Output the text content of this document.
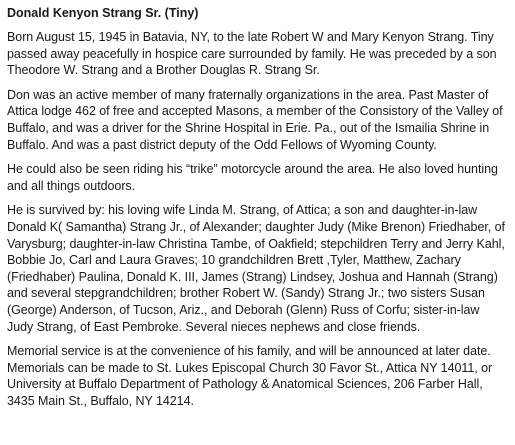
Donald Kenyon Strang Sr. (Tiny)

Born August 15, 1945 in Batavia, NY, to the late Robert W and Mary Kenyon Strang. Tiny passed away peacefully in hospice care surrounded by family. He was preceded by a son Theodore W. Strang and a Brother Douglas R. Strang Sr.

Don was an active member of many fraternally organizations in the area. Past Master of Attica lodge 462 of free and accepted Masons, a member of the Consistory of the Valley of Buffalo, and was a driver for the Shrine Hospital in Erie. Pa., out of the Ismailia Shrine in Buffalo. And was a past district deputy of the Odd Fellows of Wyoming County.

He could also be seen riding his “trike” motorcycle around the area. He also loved hunting and all things outdoors.

He is survived by: his loving wife Linda M. Strang, of Attica; a son and daughter-in-law Donald K( Samantha) Strang Jr., of Alexander; daughter Judy (Mike Brenon) Friedhaber, of Varysburg; daughter-in-law Christina Tambe, of Oakfield; stepchildren Terry and Jerry Kahl, Bobbie Jo, Carl and Laura Graves; 10 grandchildren Brett ,Tyler, Matthew, Zachary (Friedhaber) Paulina, Donald K. III, James (Strang) Lindsey, Joshua and Hannah (Strang) and several stepgrandchildren; brother Robert W. (Sandy) Strang Jr.; two sisters Susan (George) Anderson, of Tucson, Ariz., and Deborah (Glenn) Russ of Corfu; sister-in-law Judy Strang, of East Pembroke. Several nieces nephews and close friends.

Memorial service is at the convenience of his family, and will be announced at later date. Memorials can be made to St. Lukes Episcopal Church 30 Favor St., Attica NY 14011, or University at Buffalo Department of Pathology & Anatomical Sciences, 206 Farber Hall, 3435 Main St., Buffalo, NY 14214.
